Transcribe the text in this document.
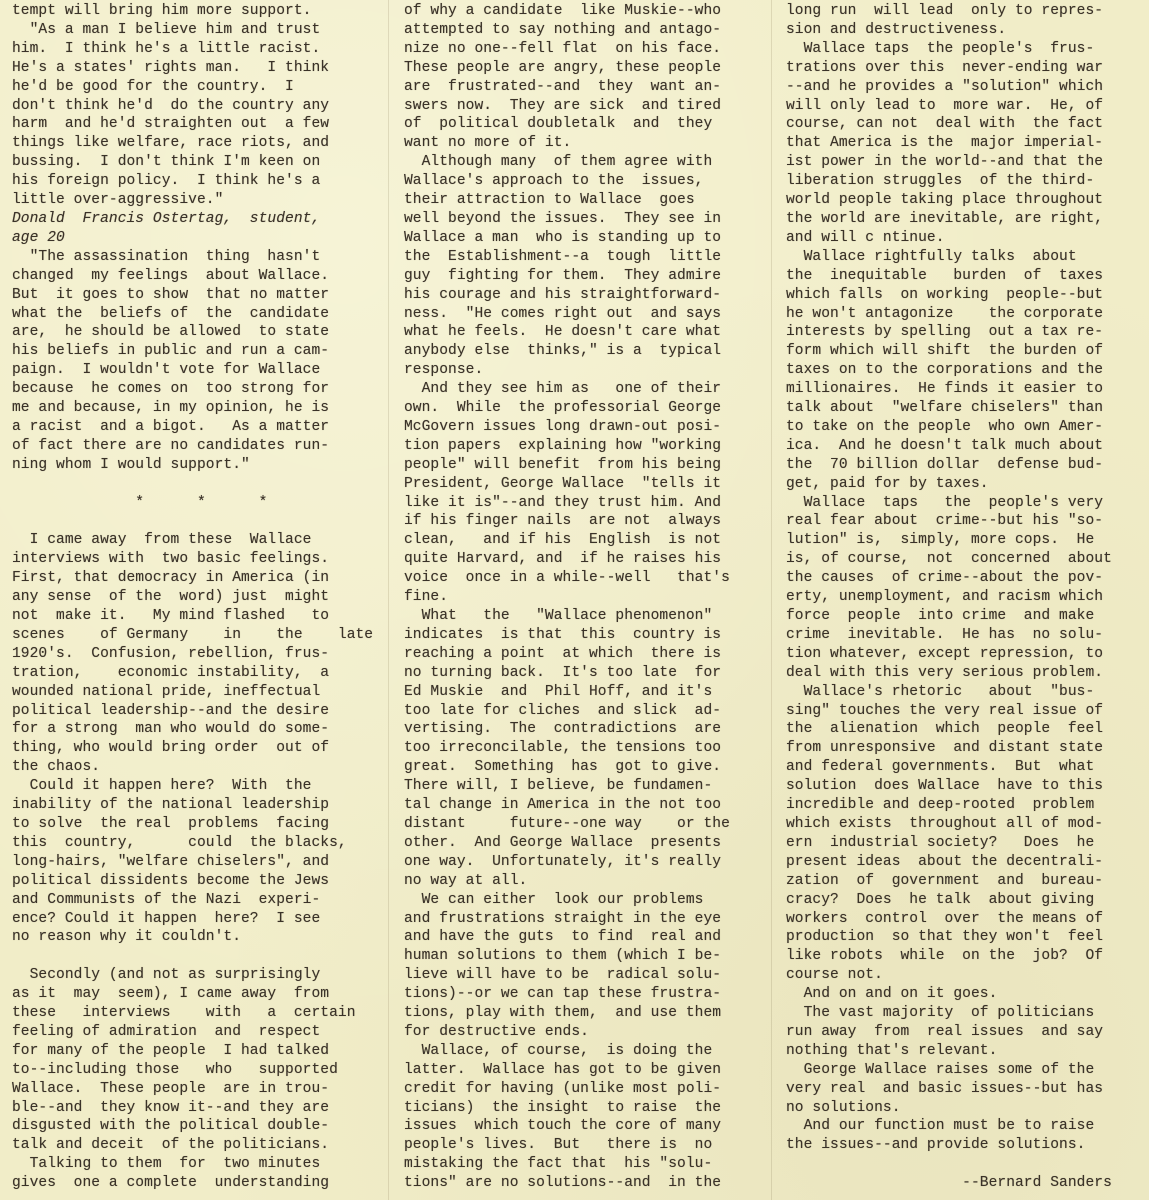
tempt will bring him more support.

"As a man I believe him and trust

him.  I think he's a little racist.

He's a states' rights man.   I think

he'd be good for the country.  I

don't think he'd  do the country any

harm  and he'd straighten out  a few

things like welfare, race riots, and

bussing.  I don't think I'm keen on

his foreign policy.  I think he's a

little over-aggressive."

Donald  Francis Ostertag,  student,

age 20

"The assassination  thing  hasn't

changed  my feelings  about Wallace.

But  it goes to show  that no matter

what the  beliefs of  the  candidate

are,  he should be allowed  to state

his beliefs in public and run a cam-

paign.  I wouldn't vote for Wallace

because  he comes on  too strong for

me and because, in my opinion, he is

a racist  and a bigot.   As a matter

of fact there are no candidates run-

ning whom I would support."

*      *      *

I came away  from these  Wallace

interviews with  two basic feelings.

First, that democracy in America (in

any sense  of the  word) just  might

not  make it.   My mind flashed   to

scenes    of Germany    in    the    late

1920's.  Confusion, rebellion, frus-

tration,    economic instability,  a

wounded national pride, ineffectual

political leadership--and the desire

for a strong  man who would do some-

thing, who would bring order  out of

the chaos.

Could it happen here?  With  the

inability of the national leadership

to solve  the real  problems  facing

this  country,      could  the blacks,

long-hairs, "welfare chiselers", and

political dissidents become the Jews

and Communists of the Nazi  experi-

ence? Could it happen  here?  I see

no reason why it couldn't.

Secondly (and not as surprisingly

as it  may  seem), I came away  from

these   interviews    with   a  certain

feeling of admiration  and  respect

for many of the people  I had talked

to--including those   who   supported

Wallace.  These people  are in trou-

ble--and  they know it--and they are

disgusted with the political double-

talk and deceit  of the politicians.

Talking to them  for  two minutes

gives  one a complete  understanding

of why a candidate  like Muskie--who

attempted to say nothing and antago-

nize no one--fell flat  on his face.

These people are angry, these people

are  frustrated--and  they  want an-

swers now.  They are sick  and tired

of  political doubletalk  and  they

want no more of it.

Although many  of them agree with

Wallace's approach to the  issues,

their attraction to Wallace  goes

well beyond the issues.  They see in

Wallace a man  who is standing up to

the  Establishment--a  tough  little

guy  fighting for them.  They admire

his courage and his straightforward-

ness.  "He comes right out  and says

what he feels.  He doesn't care what

anybody else  thinks," is a  typical

response.

And they see him as   one of their

own.  While  the professorial George

McGovern issues long drawn-out posi-

tion papers  explaining how "working

people" will benefit  from his being

President, George Wallace  "tells it

like it is"--and they trust him. And

if his finger nails  are not  always

clean,   and if his  English  is not

quite Harvard, and  if he raises his

voice  once in a while--well   that's

fine.

What   the   "Wallace phenomenon"

indicates  is that  this  country is

reaching a point  at which  there is

no turning back.  It's too late  for

Ed Muskie  and  Phil Hoff, and it's

too late for cliches  and slick  ad-

vertising.  The  contradictions  are

too irreconcilable, the tensions too

great.  Something  has  got to give.

There will, I believe, be fundamen-

tal change in America in the not too

distant     future--one way    or the

other.  And George Wallace  presents

one way.  Unfortunately, it's really

no way at all.

We can either  look our problems

and frustrations straight in the eye

and have the guts  to find  real and

human solutions to them (which I be-

lieve will have to be  radical solu-

tions)--or we can tap these frustra-

tions, play with them,  and use them

for destructive ends.

Wallace, of course,  is doing the

latter.  Wallace has got to be given

credit for having (unlike most poli-

ticians)  the insight  to raise  the

issues  which touch the core of many

people's lives.  But   there is  no

mistaking the fact that  his "solu-

tions" are no solutions--and  in the

long run  will lead  only to repres-

sion and destructiveness.

Wallace taps  the people's  frus-

trations over this  never-ending war

--and he provides a "solution" which

will only lead to  more war.  He, of

course, can not  deal with  the fact

that America is the  major imperial-

ist power in the world--and that the

liberation struggles  of the third-

world people taking place throughout

the world are inevitable, are right,

and will c ntinue.

Wallace rightfully talks  about

the  inequitable   burden  of  taxes

which falls  on working  people--but

he won't antagonize    the corporate

interests by spelling  out a tax re-

form which will shift  the burden of

taxes on to the corporations and the

millionaires.  He finds it easier to

talk about  "welfare chiselers" than

to take on the people  who own Amer-

ica.  And he doesn't talk much about

the  70 billion dollar  defense bud-

get, paid for by taxes.

Wallace  taps   the  people's very

real fear about  crime--but his "so-

lution" is,  simply, more cops.  He

is, of course,  not  concerned  about

the causes  of crime--about the pov-

erty, unemployment, and racism which

force  people  into crime  and make

crime  inevitable.  He has  no solu-

tion whatever, except repression, to

deal with this very serious problem.

Wallace's rhetoric   about  "bus-

sing" touches the very real issue of

the  alienation  which  people  feel

from unresponsive  and distant state

and federal governments.  But  what

solution  does Wallace  have to this

incredible and deep-rooted  problem

which exists  throughout all of mod-

ern  industrial society?   Does  he

present ideas  about the decentrali-

zation  of  government  and  bureau-

cracy?  Does  he talk  about giving

workers  control  over  the means of

production  so that they won't  feel

like robots  while  on the  job?  Of

course not.

And on and on it goes.

The vast majority  of politicians

run away  from  real issues  and say

nothing that's relevant.

George Wallace raises some of the

very real  and basic issues--but has

no solutions.

And our function must be to raise

the issues--and provide solutions.

--Bernard Sanders
